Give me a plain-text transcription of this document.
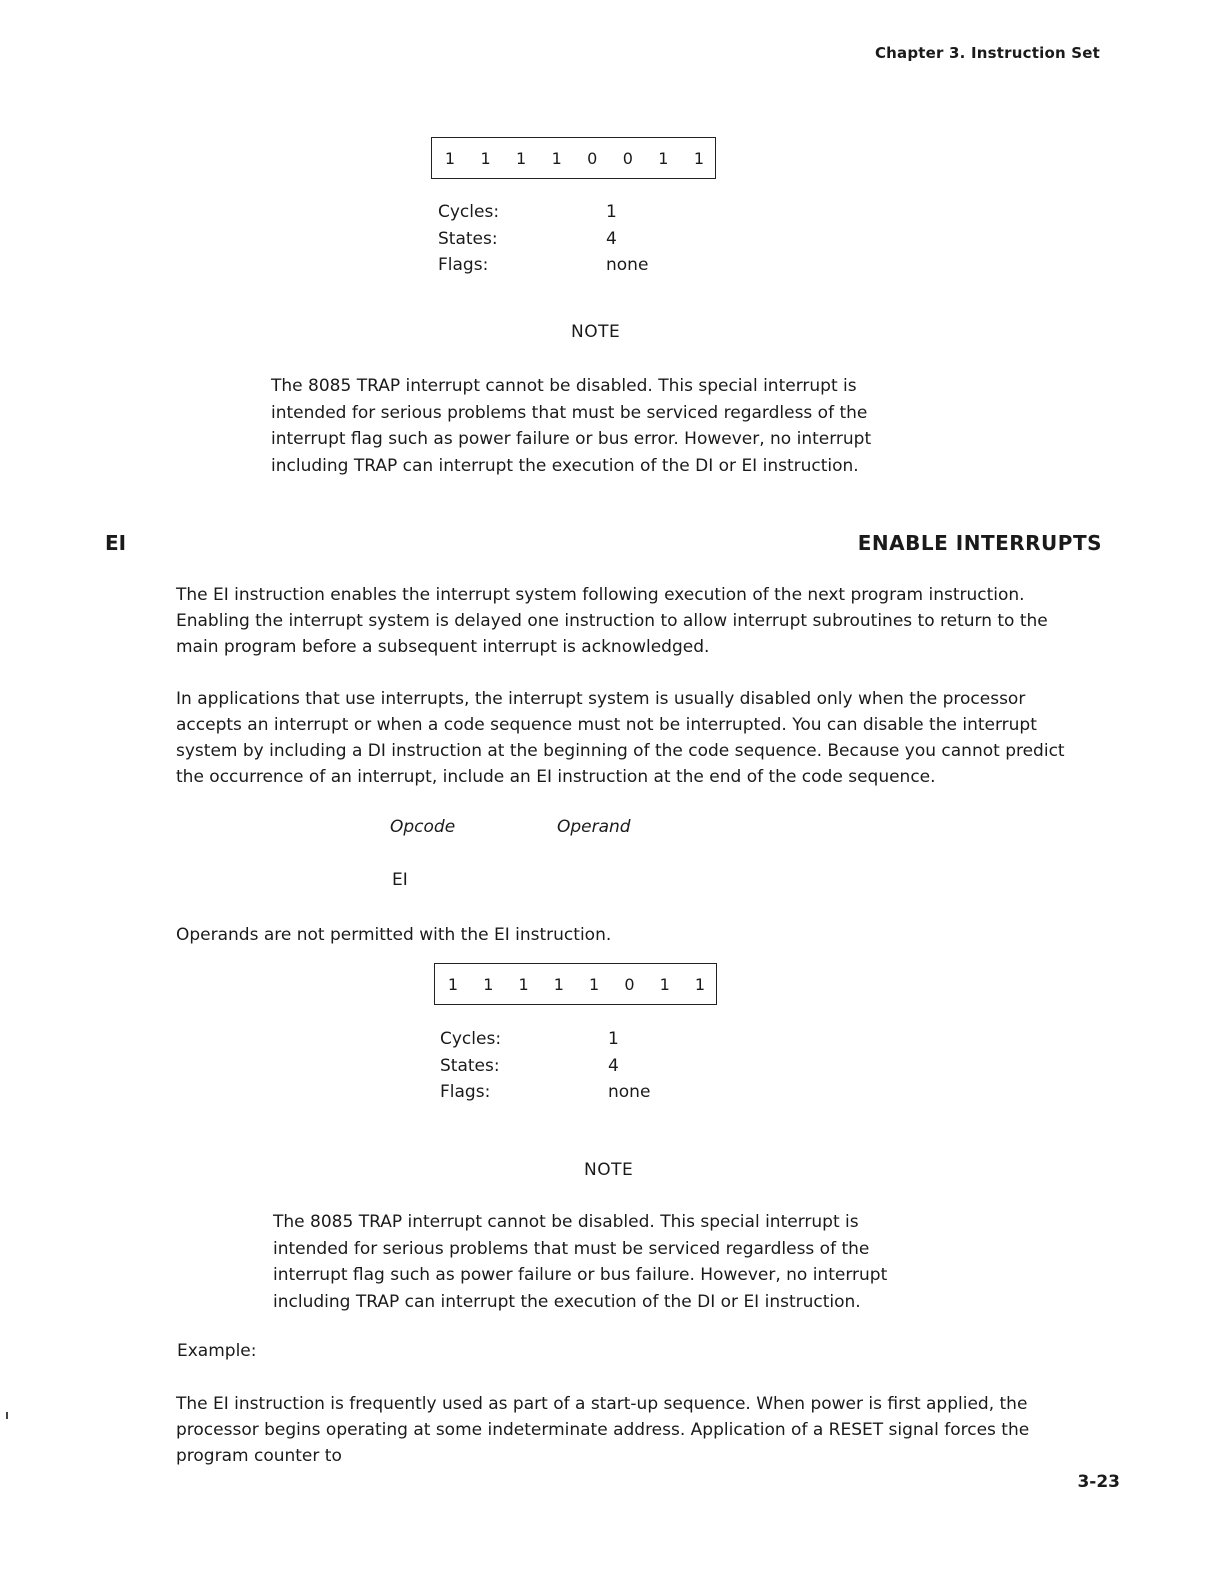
Chapter 3. Instruction Set
1	1	1	1	0	0	1	1
Cycles:	1
States:	4
Flags:	none
NOTE

The 8085 TRAP interrupt cannot be disabled. This special interrupt is

intended for serious problems that must be serviced regardless of the

interrupt flag such as power failure or bus error. However, no interrupt

including TRAP can interrupt the execution of the DI or EI instruction.

EI	ENABLE INTERRUPTS

The EI instruction enables the interrupt system following execution of the next program instruction. Enabling the interrupt system is delayed one instruction to allow interrupt subroutines to return to the main program before a subsequent interrupt is acknowledged.

In applications that use interrupts, the interrupt system is usually disabled only when the processor accepts an interrupt or when a code sequence must not be interrupted. You can disable the interrupt system by including a DI instruction at the beginning of the code sequence. Because you cannot predict the occurrence of an interrupt, include an EI instruction at the end of the code sequence.

Opcode	Operand
EI

Operands are not permitted with the EI instruction.

1	1	1	1	1	0	1	1
Cycles:	1
States:	4
Flags:	none
NOTE

The 8085 TRAP interrupt cannot be disabled. This special interrupt is

intended for serious problems that must be serviced regardless of the

interrupt flag such as power failure or bus failure. However, no interrupt

including TRAP can interrupt the execution of the DI or EI instruction.

Example:

The EI instruction is frequently used as part of a start-up sequence. When power is first applied, the processor begins operating at some indeterminate address. Application of a RESET signal forces the program counter to

3-23
